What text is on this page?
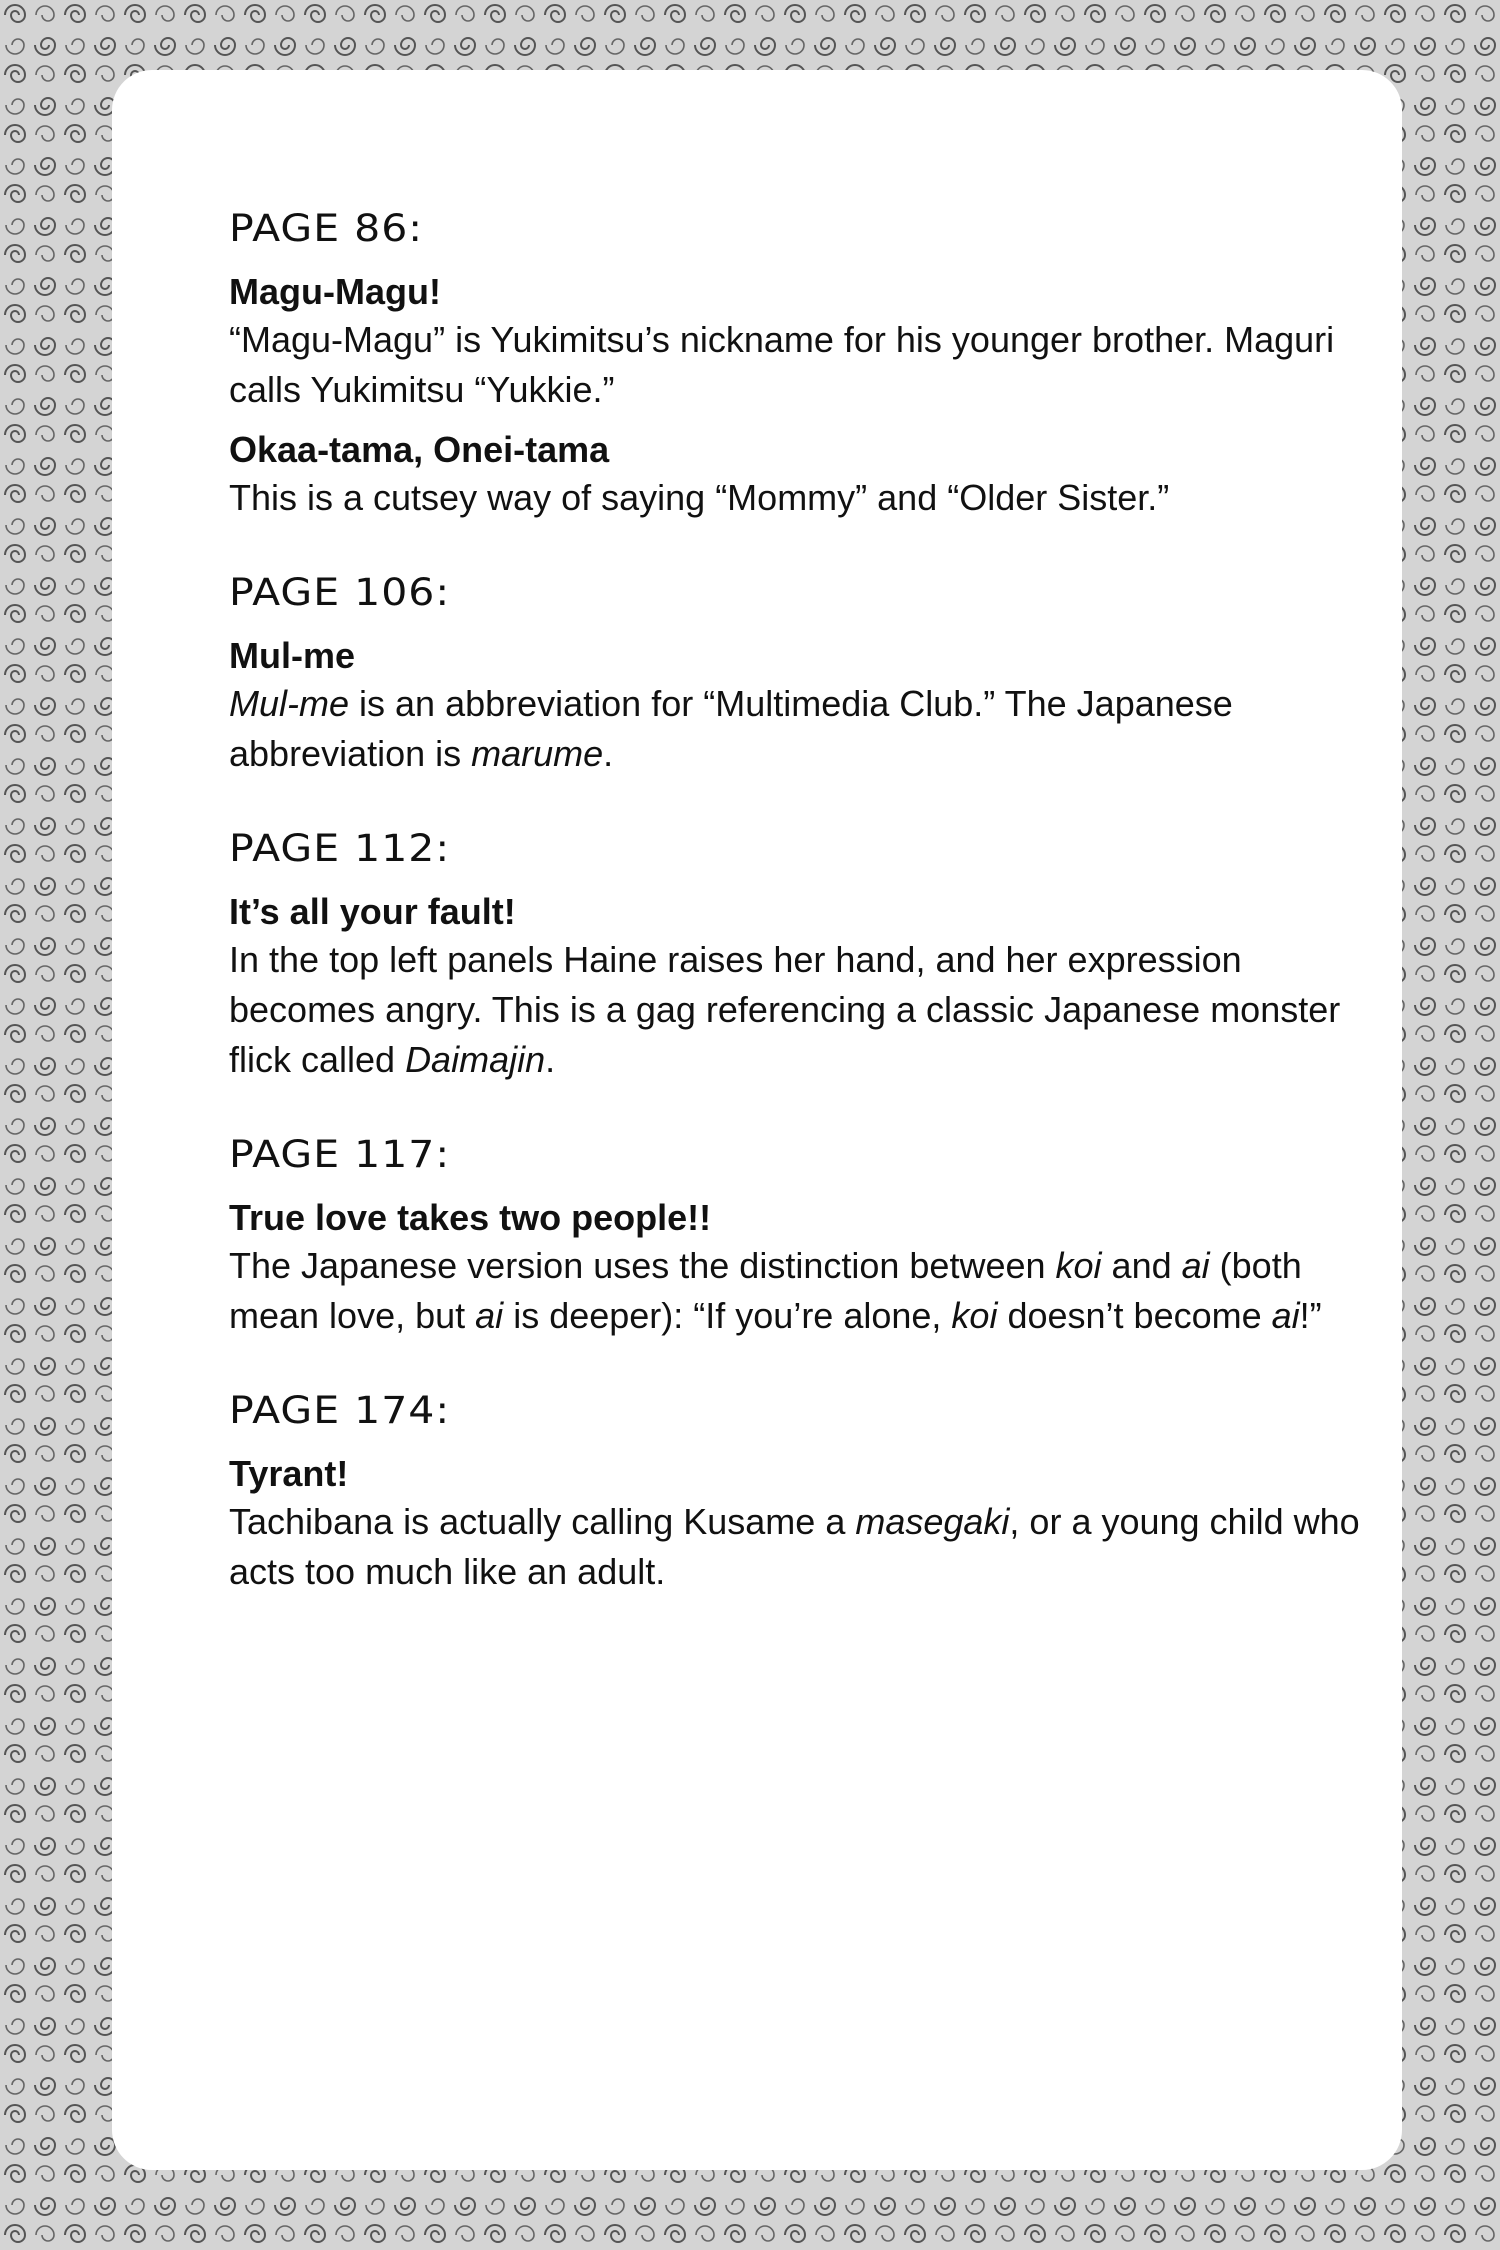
PAGE 86:
Magu-Magu!
“Magu-Magu” is Yukimitsu’s nickname for his younger brother. Maguri calls Yukimitsu “Yukkie.”
Okaa-tama, Onei-tama
This is a cutsey way of saying “Mommy” and “Older Sister.”
PAGE 106:
Mul-me
Mul-me is an abbreviation for “Multimedia Club.” The Japanese abbreviation is marume.
PAGE 112:
It’s all your fault!
In the top left panels Haine raises her hand, and her expression becomes angry. This is a gag referencing a classic Japanese monster flick called Daimajin.
PAGE 117:
True love takes two people!!
The Japanese version uses the distinction between koi and ai (both mean love, but ai is deeper): “If you’re alone, koi doesn’t become ai!”
PAGE 174:
Tyrant!
Tachibana is actually calling Kusame a masegaki, or a young child who acts too much like an adult.
